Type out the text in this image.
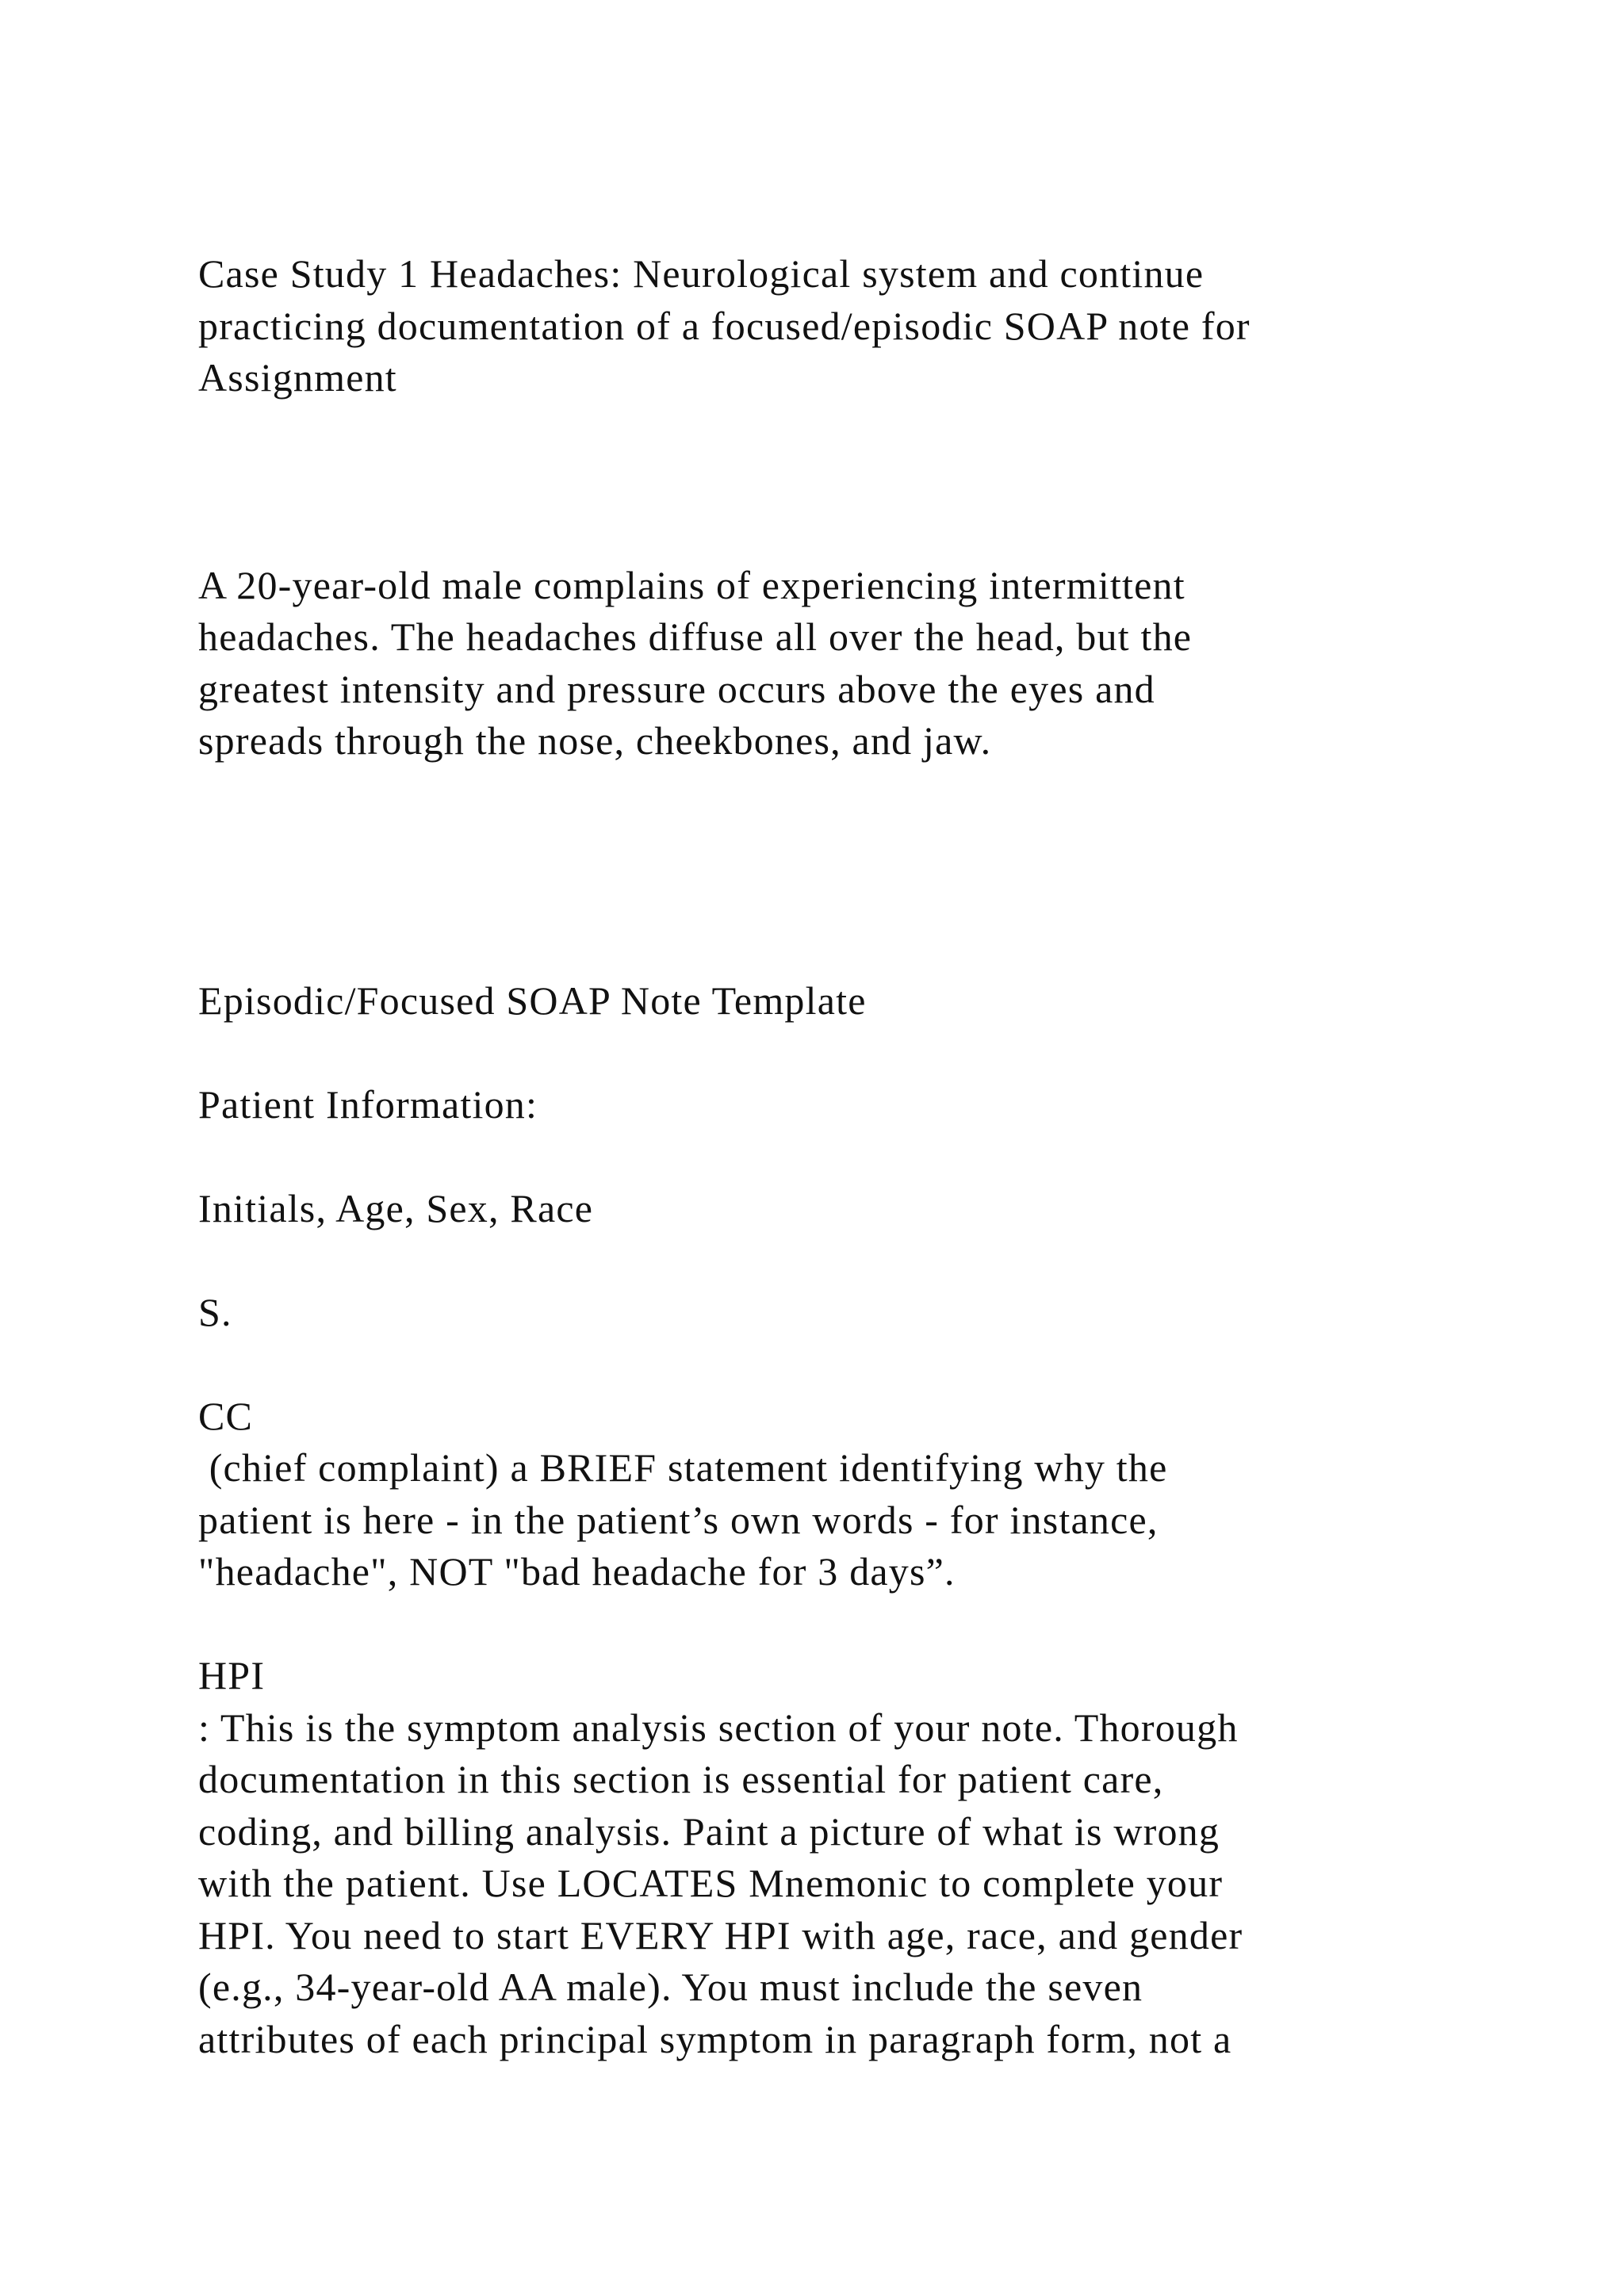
Case Study 1 Headaches: Neurological system and continue
practicing documentation of a focused/episodic SOAP note for
Assignment
A 20-year-old male complains of experiencing intermittent
headaches. The headaches diffuse all over the head, but the
greatest intensity and pressure occurs above the eyes and
spreads through the nose, cheekbones, and jaw.
Episodic/Focused SOAP Note Template
Patient Information:
Initials, Age, Sex, Race
S.
CC
(chief complaint) a BRIEF statement identifying why the
patient is here - in the patient’s own words - for instance,
"headache", NOT "bad headache for 3 days”.
HPI
: This is the symptom analysis section of your note. Thorough
documentation in this section is essential for patient care,
coding, and billing analysis. Paint a picture of what is wrong
with the patient. Use LOCATES Mnemonic to complete your
HPI. You need to start EVERY HPI with age, race, and gender
(e.g., 34-year-old AA male). You must include the seven
attributes of each principal symptom in paragraph form, not a
